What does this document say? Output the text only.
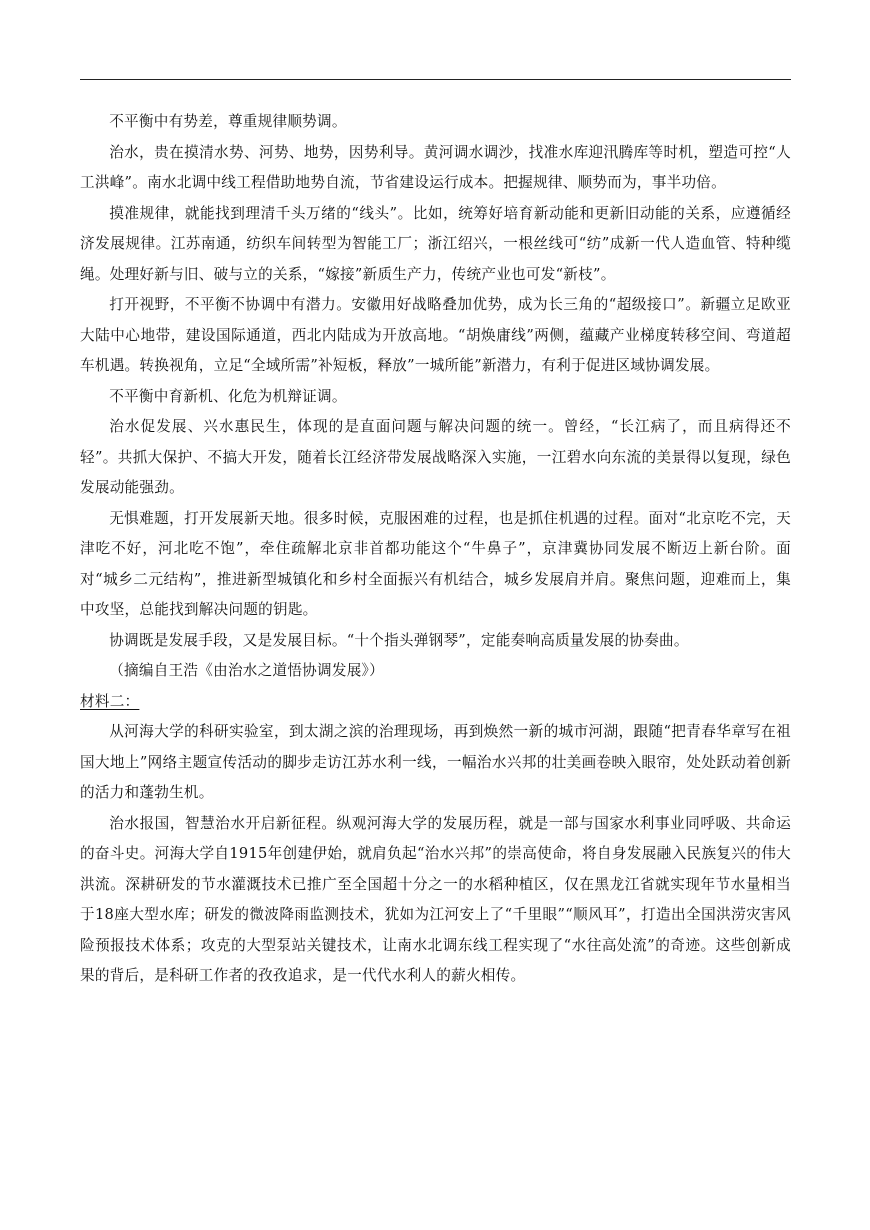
不平衡中有势差，尊重规律顺势调。

治水，贵在摸清水势、河势、地势，因势利导。黄河调水调沙，找准水库迎汛腾库等时机，塑造可控“人工洪峰”。南水北调中线工程借助地势自流，节省建设运行成本。把握规律、顺势而为，事半功倍。

摸准规律，就能找到理清千头万绪的“线头”。比如，统筹好培育新动能和更新旧动能的关系，应遵循经济发展规律。江苏南通，纺织车间转型为智能工厂；浙江绍兴，一根丝线可“纺”成新一代人造血管、特种缆绳。处理好新与旧、破与立的关系，“嫁接”新质生产力，传统产业也可发“新枝”。

打开视野，不平衡不协调中有潜力。安徽用好战略叠加优势，成为长三角的“超级接口”。新疆立足欧亚大陆中心地带，建设国际通道，西北内陆成为开放高地。“胡焕庸线”两侧，蕴藏产业梯度转移空间、弯道超车机遇。转换视角，立足“全域所需”补短板，释放”一城所能”新潜力，有利于促进区域协调发展。

不平衡中育新机、化危为机辩证调。

治水促发展、兴水惠民生，体现的是直面问题与解决问题的统一。曾经，“长江病了，而且病得还不轻”。共抓大保护、不搞大开发，随着长江经济带发展战略深入实施，一江碧水向东流的美景得以复现，绿色发展动能强劲。

无惧难题，打开发展新天地。很多时候，克服困难的过程，也是抓住机遇的过程。面对“北京吃不完，天津吃不好，河北吃不饱”，牵住疏解北京非首都功能这个“牛鼻子”，京津冀协同发展不断迈上新台阶。面对“城乡二元结构”，推进新型城镇化和乡村全面振兴有机结合，城乡发展肩并肩。聚焦问题，迎难而上，集中攻坚，总能找到解决问题的钥匙。

协调既是发展手段，又是发展目标。“十个指头弹钢琴”，定能奏响高质量发展的协奏曲。

（摘编自王浩《由治水之道悟协调发展》）

材料二：

从河海大学的科研实验室，到太湖之滨的治理现场，再到焕然一新的城市河湖，跟随“把青春华章写在祖国大地上”网络主题宣传活动的脚步走访江苏水利一线，一幅治水兴邦的壮美画卷映入眼帘，处处跃动着创新的活力和蓬勃生机。

治水报国，智慧治水开启新征程。纵观河海大学的发展历程，就是一部与国家水利事业同呼吸、共命运的奋斗史。河海大学自1915年创建伊始，就肩负起“治水兴邦”的崇高使命，将自身发展融入民族复兴的伟大洪流。深耕研发的节水灌溉技术已推广至全国超十分之一的水稻种植区，仅在黑龙江省就实现年节水量相当于18座大型水库；研发的微波降雨监测技术，犹如为江河安上了“千里眼”“顺风耳”，打造出全国洪涝灾害风险预报技术体系；攻克的大型泵站关键技术，让南水北调东线工程实现了“水往高处流”的奇迹。这些创新成果的背后，是科研工作者的孜孜追求，是一代代水利人的薪火相传。
